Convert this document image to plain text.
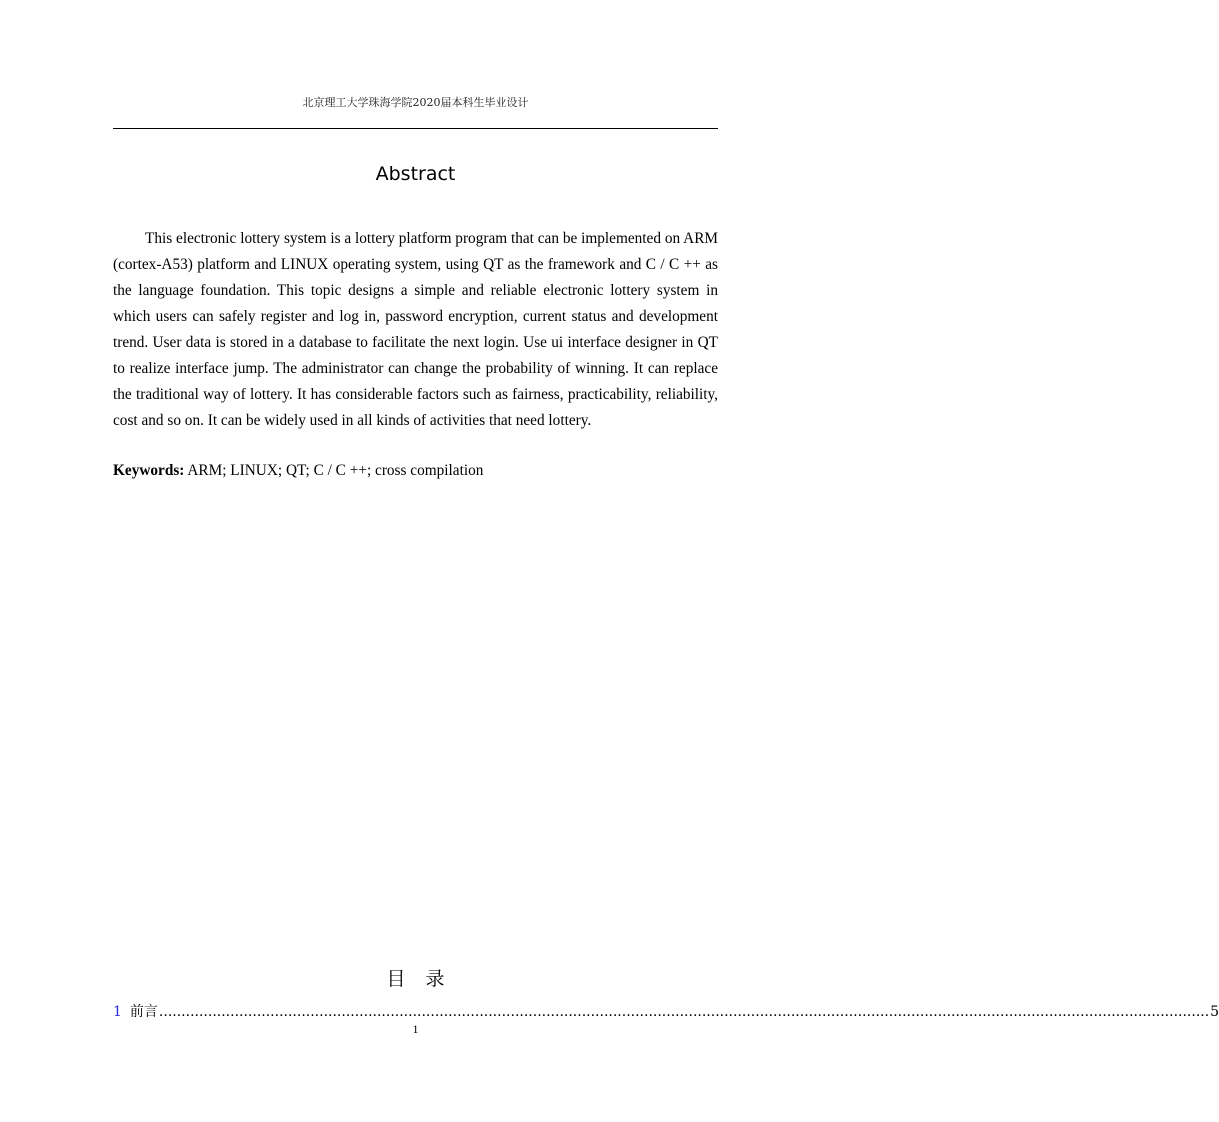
北京理工大学珠海学院2020届本科生毕业设计
Abstract

This electronic lottery system is a lottery platform program that can be implemented on ARM (cortex-A53) platform and LINUX operating system, using QT as the framework and C / C ++ as the language foundation. This topic designs a simple and reliable electronic lottery system in which users can safely register and log in, password encryption, current status and development trend. User data is stored in a database to facilitate the next login. Use ui interface designer in QT to realize interface jump. The administrator can change the probability of winning. It can replace the traditional way of lottery. It has considerable factors such as fairness, practicability, reliability, cost and so on. It can be widely used in all kinds of activities that need lottery.

Keywords: ARM; LINUX; QT; C / C ++; cross compilation
目录
1 前言 ............................................................................................................................................................................................................................................ 5
1
